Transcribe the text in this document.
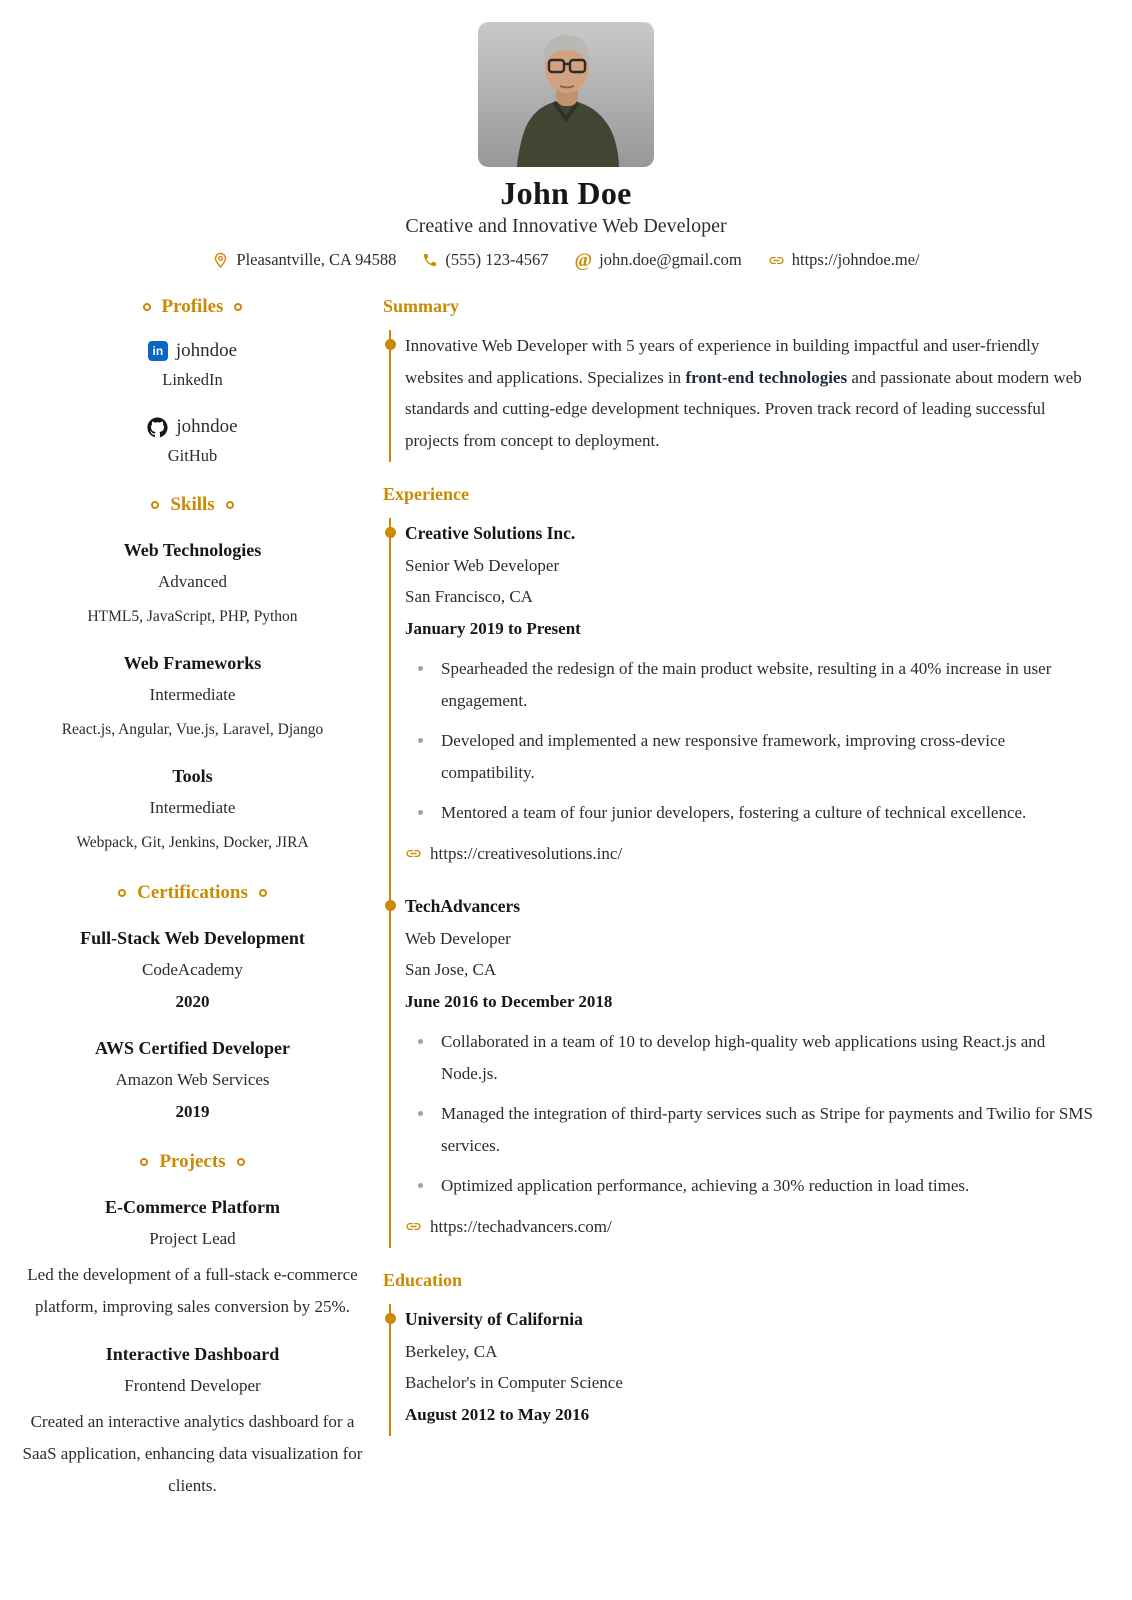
John Doe
Creative and Innovative Web Developer
Pleasantville, CA 94588	(555) 123-4567 @ john.doe@gmail.com	https://johndoe.me/
Profiles
in johndoe
LinkedIn
johndoe
GitHub
Skills
Web Technologies
Advanced
HTML5, JavaScript, PHP, Python
Web Frameworks
Intermediate
React.js, Angular, Vue.js, Laravel, Django
Tools
Intermediate
Webpack, Git, Jenkins, Docker, JIRA
Certifications
Full-Stack Web Development
CodeAcademy
2020
AWS Certified Developer
Amazon Web Services
2019
Projects
E-Commerce Platform
Project Lead
Led the development of a full-stack e-commerce platform, improving sales conversion by 25%.
Interactive Dashboard
Frontend Developer
Created an interactive analytics dashboard for a SaaS application, enhancing data visualization for clients.
Summary

Innovative Web Developer with 5 years of experience in building impactful and user-friendly websites and applications. Specializes in front-end technologies and passionate about modern web standards and cutting-edge development techniques. Proven track record of leading successful projects from concept to deployment.

Experience
Creative Solutions Inc.
Senior Web Developer
San Francisco, CA
January 2019 to Present
Spearheaded the redesign of the main product website, resulting in a 40% increase in user engagement.
Developed and implemented a new responsive framework, improving cross-device compatibility.
Mentored a team of four junior developers, fostering a culture of technical excellence.
https://creativesolutions.inc/
TechAdvancers
Web Developer
San Jose, CA
June 2016 to December 2018
Collaborated in a team of 10 to develop high-quality web applications using React.js and Node.js.
Managed the integration of third-party services such as Stripe for payments and Twilio for SMS services.
Optimized application performance, achieving a 30% reduction in load times.
https://techadvancers.com/
Education
University of California
Berkeley, CA
Bachelor's in Computer Science
August 2012 to May 2016
